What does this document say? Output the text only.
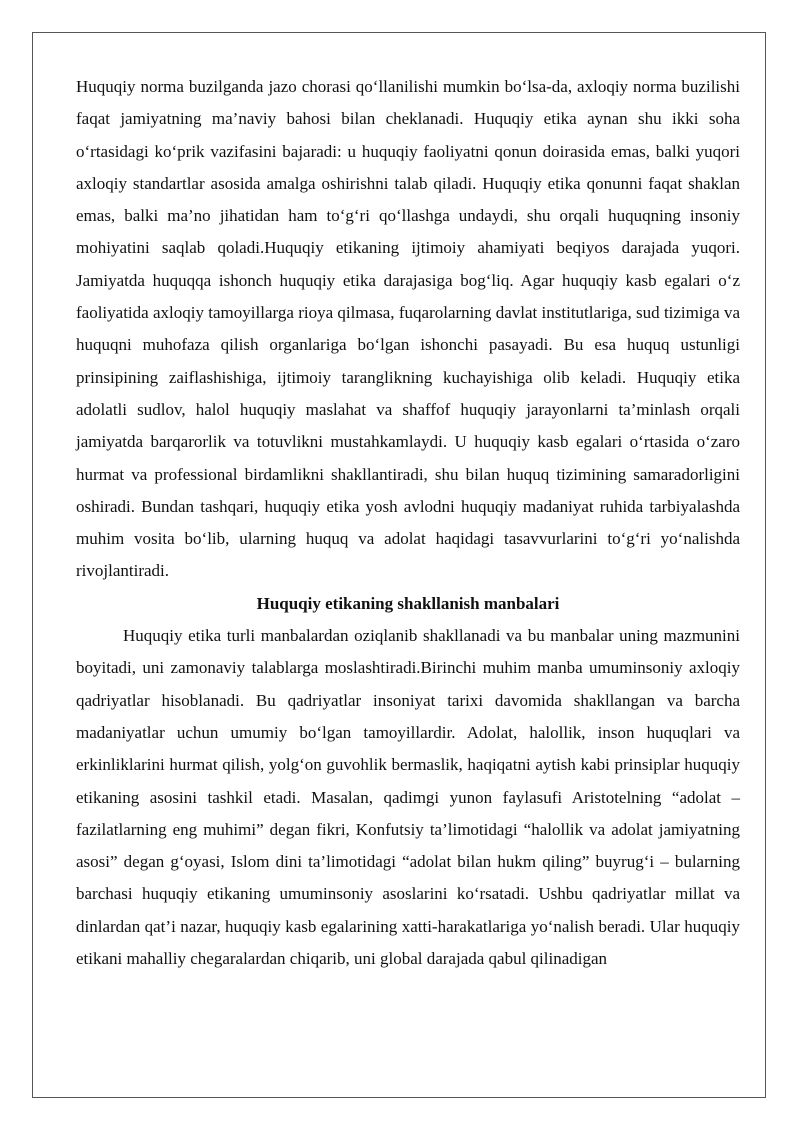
Huquqiy norma buzilganda jazo chorasi qo‘llanilishi mumkin bo‘lsa-da, axloqiy norma buzilishi faqat jamiyatning ma’naviy bahosi bilan cheklanadi. Huquqiy etika aynan shu ikki soha o‘rtasidagi ko‘prik vazifasini bajaradi: u huquqiy faoliyatni qonun doirasida emas, balki yuqori axloqiy standartlar asosida amalga oshirishni talab qiladi. Huquqiy etika qonunni faqat shaklan emas, balki ma’no jihatidan ham to‘g‘ri qo‘llashga undaydi, shu orqali huquqning insoniy mohiyatini saqlab qoladi.Huquqiy etikaning ijtimoiy ahamiyati beqiyos darajada yuqori. Jamiyatda huquqqa ishonch huquqiy etika darajasiga bog‘liq. Agar huquqiy kasb egalari o‘z faoliyatida axloqiy tamoyillarga rioya qilmasa, fuqarolarning davlat institutlariga, sud tizimiga va huquqni muhofaza qilish organlariga bo‘lgan ishonchi pasayadi. Bu esa huquq ustunligi prinsipining zaiflashishiga, ijtimoiy taranglikning kuchayishiga olib keladi. Huquqiy etika adolatli sudlov, halol huquqiy maslahat va shaffof huquqiy jarayonlarni ta’minlash orqali jamiyatda barqarorlik va totuvlikni mustahkamlaydi. U huquqiy kasb egalari o‘rtasida o‘zaro hurmat va professional birdamlikni shakllantiradi, shu bilan huquq tizimining samaradorligini oshiradi. Bundan tashqari, huquqiy etika yosh avlodni huquqiy madaniyat ruhida tarbiyalashda muhim vosita bo‘lib, ularning huquq va adolat haqidagi tasavvurlarini to‘g‘ri yo‘nalishda rivojlantiradi.

Huquqiy etikaning shakllanish manbalari

Huquqiy etika turli manbalardan oziqlanib shakllanadi va bu manbalar uning mazmunini boyitadi, uni zamonaviy talablarga moslashtiradi.Birinchi muhim manba umuminsoniy axloqiy qadriyatlar hisoblanadi. Bu qadriyatlar insoniyat tarixi davomida shakllangan va barcha madaniyatlar uchun umumiy bo‘lgan tamoyillardir. Adolat, halollik, inson huquqlari va erkinliklarini hurmat qilish, yolg‘on guvohlik bermaslik, haqiqatni aytish kabi prinsiplar huquqiy etikaning asosini tashkil etadi. Masalan, qadimgi yunon faylasufi Aristotelning “adolat – fazilatlarning eng muhimi” degan fikri, Konfutsiy ta’limotidagi “halollik va adolat jamiyatning asosi” degan g‘oyasi, Islom dini ta’limotidagi “adolat bilan hukm qiling” buyrug‘i – bularning barchasi huquqiy etikaning umuminsoniy asoslarini ko‘rsatadi. Ushbu qadriyatlar millat va dinlardan qat’i nazar, huquqiy kasb egalarining xatti-harakatlariga yo‘nalish beradi. Ular huquqiy etikani mahalliy chegaralardan chiqarib, uni global darajada qabul qilinadigan
